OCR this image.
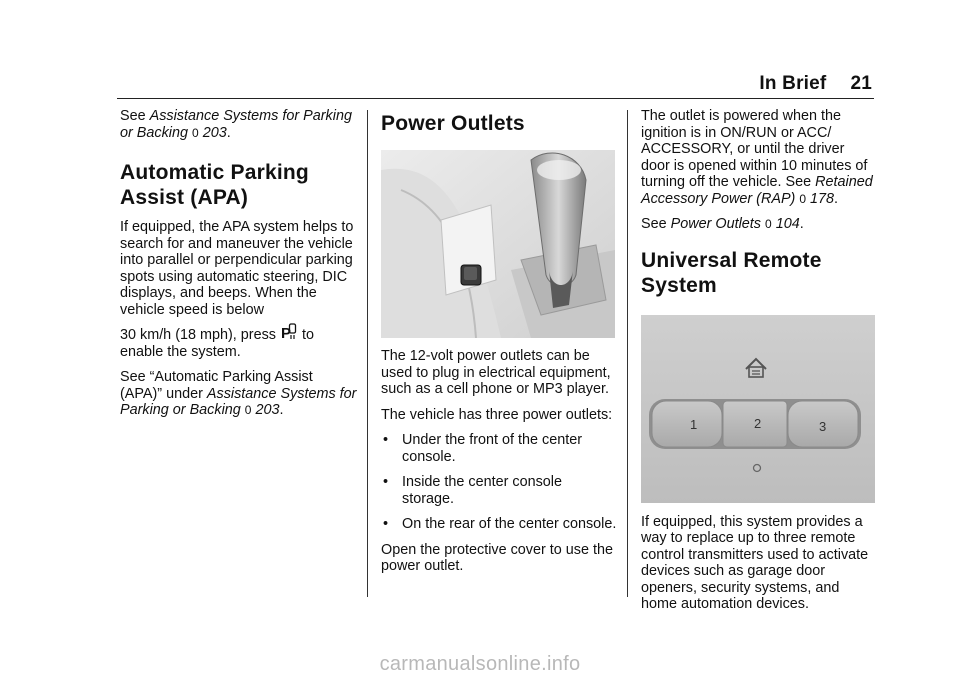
In Brief 21

See Assistance Systems for Parking or Backing 0 203.

Automatic Parking Assist (APA)

If equipped, the APA system helps to search for and maneuver the vehicle into parallel or perpendicular parking spots using automatic steering, DIC displays, and beeps. When the vehicle speed is below

30 km/h (18 mph), press P to enable the system.

See “Automatic Parking Assist (APA)” under Assistance Systems for Parking or Backing 0 203.

Power Outlets

The 12-volt power outlets can be used to plug in electrical equipment, such as a cell phone or MP3 player.

The vehicle has three power outlets:

• Under the front of the center console.
• Inside the center console storage.
• On the rear of the center console.

Open the protective cover to use the power outlet.

The outlet is powered when the ignition is in ON/RUN or ACC/ ACCESSORY, or until the driver door is opened within 10 minutes of turning off the vehicle. See Retained Accessory Power (RAP) 0 178.

See Power Outlets 0 104.

Universal Remote System
1	2	3

If equipped, this system provides a way to replace up to three remote control transmitters used to activate devices such as garage door openers, security systems, and home automation devices.

carmanualsonline.info
